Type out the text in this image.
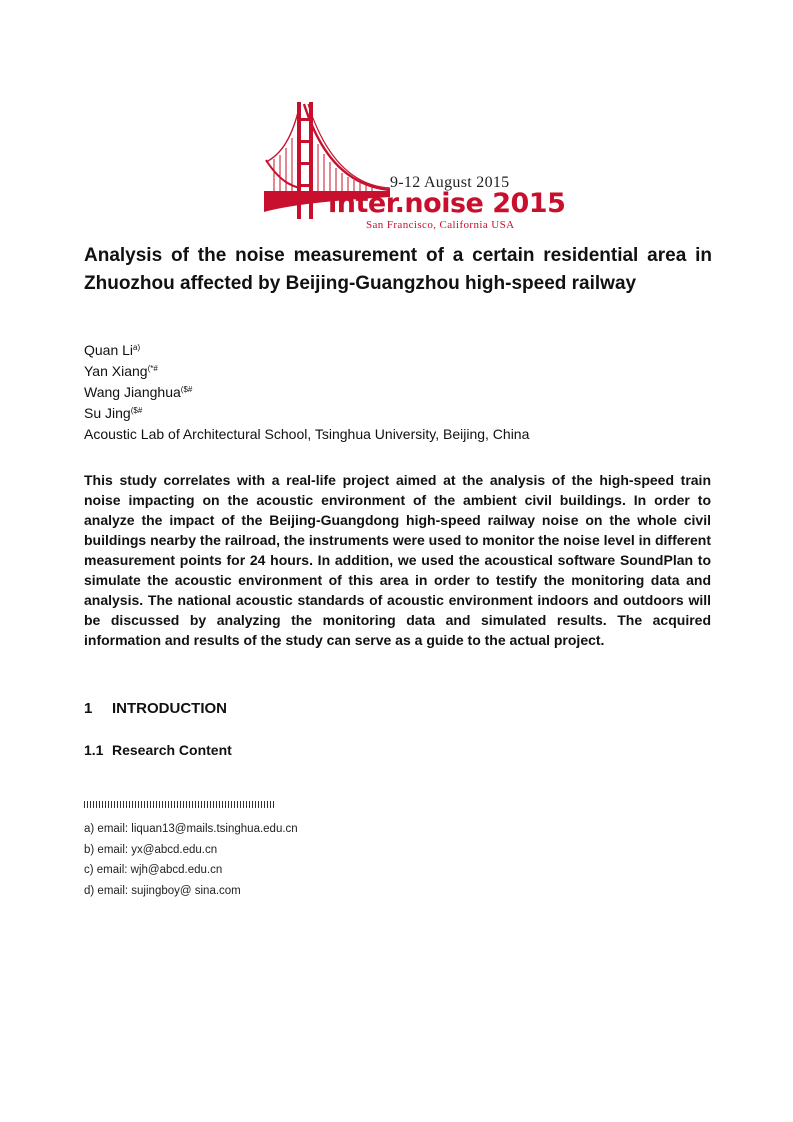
9-12 August 2015
inter.noise 2015
San Francisco, California USA
Analysis of the noise measurement of a certain residential area in Zhuozhou affected by Beijing-Guangzhou high-speed railway
Quan Li$^{a)}$
Yan Xiang(*#
Wang Jianghua($#
Su Jing($#
Acoustic Lab of Architectural School, Tsinghua University, Beijing, China

This study correlates with a real-life project aimed at the analysis of the high-speed train noise impacting on the acoustic environment of the ambient civil buildings. In order to analyze the impact of the Beijing-Guangdong high-speed railway noise on the whole civil buildings nearby the railroad, the instruments were used to monitor the noise level in different measurement points for 24 hours. In addition, we used the acoustical software SoundPlan to simulate the acoustic environment of this area in order to testify the monitoring data and analysis. The national acoustic standards of acoustic environment indoors and outdoors will be discussed by analyzing the monitoring data and simulated results. The acquired information and results of the study can serve as a guide to the actual project.

1 INTRODUCTION
1.1 Research Content
a) email: liquan13@mails.tsinghua.edu.cn
b) email: yx@abcd.edu.cn
c) email: wjh@abcd.edu.cn
d) email: sujingboy@ sina.com
